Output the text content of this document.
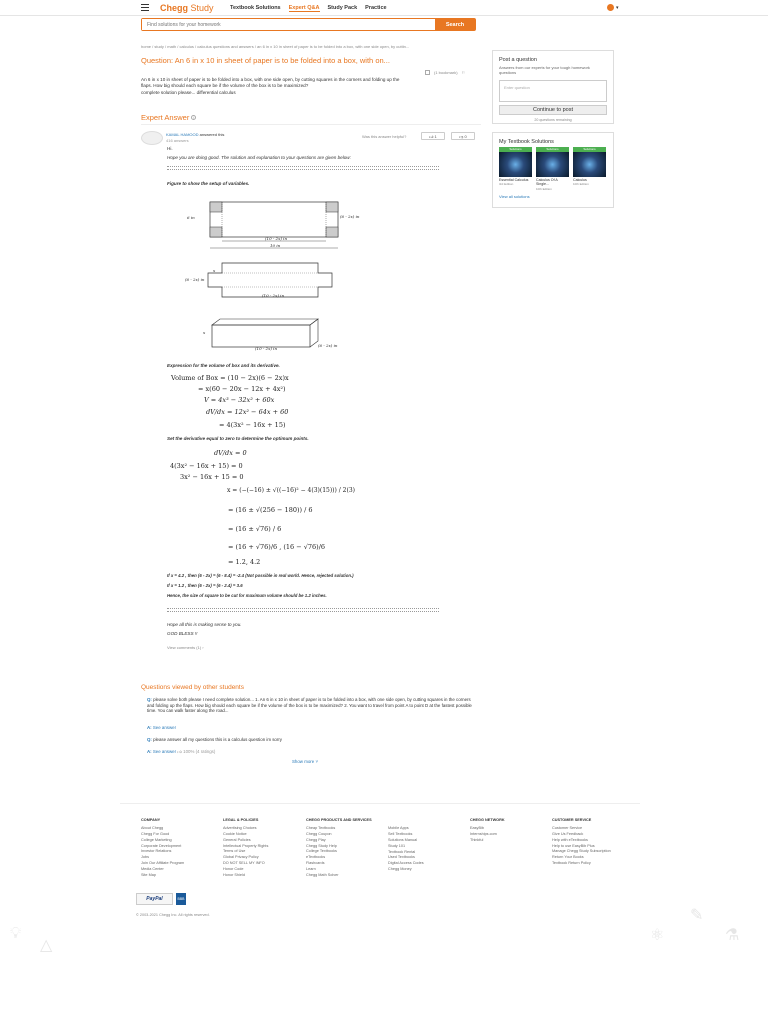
Chegg Study	Textbook Solutions Expert Q&A Study Pack Practice	▾
Find solutions for your homework
Search
home / study / math / calculus / calculus questions and answers / an 6 in x 10 in sheet of paper is to be folded into a box, with one side open, by cuttin...
Question: An 6 in x 10 in sheet of paper is to be folded into a box, with on...
(1 bookmark) ⚐

An 6 in x 10 in sheet of paper is to be folded into a box, with one side open, by cutting squares in the corners and folding up the flaps. How big should each square be if the volume of the box is to be maximized?

complete solution please... differential calculus

Expert Answer	i
KAMAL HAMOOD answered this
416 answers
Was this answer helpful?	👍︎ 1	👎︎ 0
Hi.
Hope you are doing good. The solution and explanation to your questions are given below:
Figure to show the setup of variables.
6 in	(6 - 2x) in
(10 - 2x) in
10 in
(6 - 2x) in
x
(10 - 2x) in
x
(6 - 2x) in
(10 - 2x) in
Expression for the volume of box and its derivative.
Volume of Box = (10 − 2x)(6 − 2x)x
= x(60 − 20x − 12x + 4x²)
V = 4x³ − 32x² + 60x
dV/dx = 12x² − 64x + 60
= 4(3x² − 16x + 15)
Set the derivative equal to zero to determine the optimum points.
dV/dx = 0
4(3x² − 16x + 15) = 0
3x² − 16x + 15 = 0
x = (−(−16) ± √((−16)² − 4(3)(15))) / 2(3)
= (16 ± √(256 − 180)) / 6
= (16 ± √76) / 6
= (16 + √76)/6 , (16 − √76)/6
= 1.2, 4.2
If x = 4.2 , then (6 - 2x) = (6 - 8.4) = -2.4 (Not possible in real world. Hence, rejected solution.)
If x = 1.2 , then (6 - 2x) = (6 - 2.4) = 3.6
Hence, the size of square to be cut for maximum volume should be 1.2 inches.
Hope all this is making sense to you.
GOD BLESS !!
View comments (1) ›
Post a question
Answers from our experts for your tough homework questions
Enter question
Continue to post
20 questions remaining
My Textbook Solutions
Solutions
Essential Calculus
3rd Edition
Solutions
Calculus Of A Single...
10th Edition
Solutions
Calculus
10th Edition
View all solutions
Questions viewed by other students
Q: please solve both please I need complete solution... 1. An 6 in x 10 in sheet of paper is to be folded into a box, with one side open, by cutting squares in the corners and folding up the flaps. How big should each square be if the volume of the box is to be maximized? 2. You want to travel from point A to point D at the fastest possible time. You can walk faster along the road...
A: See answer
Q: please answer all my questions this is a calculus question im sorry
A: See answer 👍︎ 100% (4 ratings)
Show more ˅
COMPANY
About Chegg
Chegg For Good
College Marketing
Corporate Development
Investor Relations
Jobs
Join Our Affiliate Program
Media Center
Site Map
LEGAL & POLICIES
Advertising Choices
Cookie Notice
General Policies
Intellectual Property Rights
Terms of Use
Global Privacy Policy
DO NOT SELL MY INFO
Honor Code
Honor Shield
CHEGG PRODUCTS AND SERVICES
Cheap Textbooks
Chegg Coupon
Chegg Play
Chegg Study Help
College Textbooks
eTextbooks
Flashcards
Learn
Chegg Math Solver
Mobile Apps
Sell Textbooks
Solutions Manual
Study 101
Textbook Rental
Used Textbooks
Digital Access Codes
Chegg Money
CHEGG NETWORK
EasyBib
Internships.com
Thinkful
CUSTOMER SERVICE
Customer Service
Give Us Feedback
Help with eTextbooks
Help to use EasyBib Plus
Manage Chegg Study Subscription
Return Your Books
Textbook Return Policy
PayPal	BBB
© 2003-2021 Chegg Inc. All rights reserved.
💡︎
△
✎
⚛	⚗
